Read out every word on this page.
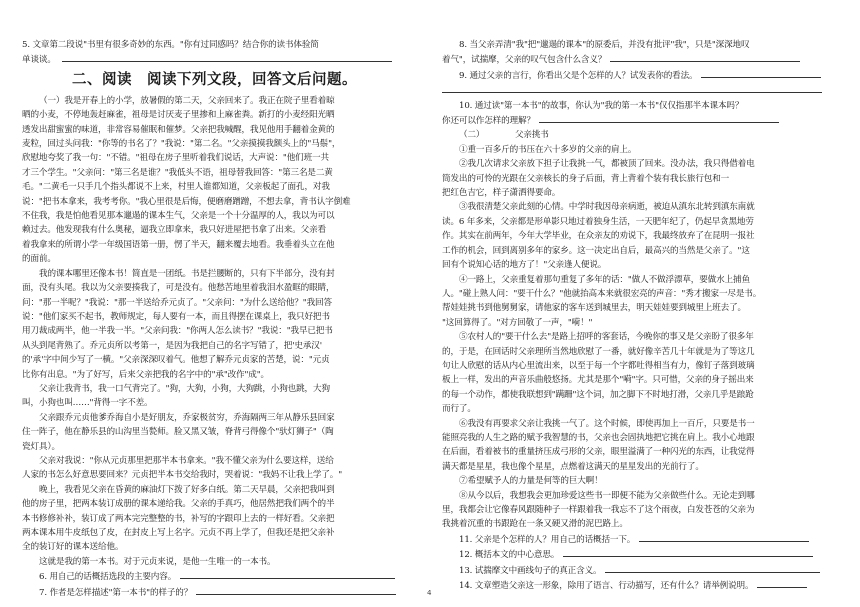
5. 文章第二段说"书里有很多奇妙的东西。"你有过同感吗？结合你的读书体验简
单谈谈。
二、阅读　阅读下列文段，回答文后问题。
（一）我是开春上的小学，放暑假的第二天，父亲回来了。我正在院子里看着晾
晒的小麦，不停地轰赶麻雀，祖母是讨厌麦子里掺和上麻雀粪。新打的小麦经阳光晒
透发出甜蜜蜜的味道，非常容易催眠和催梦。父亲把我喊醒，我见他用手翻着金黄的
麦粒，回过头问我："你等的书名了？"我说："第二名。"父亲摸摸我额头上的"马鬃"，
欣慰地夸奖了我一句："不错。"祖母在房子里听着我们说话，大声说："他们班一共
才三个学生。"父亲问："第三名是谁？"我低头不语，祖母替我回答："第三名是二黄
毛。"二黄毛一只手几个指头都说不上来，村里人谁都知道，父亲板起了面孔，对我
说："把书本拿来，我考考你。"我心里很是后悔，便磨磨蹭蹭，不想去拿，背书认字倒难
不住我，我是怕他看见那本邋遢的课本生气，父亲是一个十分温厚的人，我以为可以
赖过去。他发现我有什么奥秘，逼我立即拿来，我只好进屋把书拿了出来。父亲看
着我拿来的所谓小学一年级国语第一册，愣了半天，翻来覆去地看。我垂着头立在他
的面前。
我的课本哪里还像本书！简直是一团纸。书是拦腰断的，只有下半部分，没有封
面，没有头尾。我以为父亲要揍我了，可是没有。他愁苦地里着我泪水盈眶的眼睛，
问："那一半呢？"我说："那一半送给乔元贞了。"父亲问："为什么送给他？"我回答
说："他们家买不起书，教师规定，每人要有一本，而且得摆在课桌上，我只好把书
用刀裁成两半，他一半我一半。"父亲问我："你两人怎么读书？"我说："我早已把书
从头到尾背熟了。乔元贞所以考第一，是因为我把自己的名字写错了，把'史承汉'
的'承'字中间少写了一横。"父亲深深叹着气。他想了解乔元贞家的苦楚，说："元贞
比你有出息。"为了好写，后来父亲把我的名字中的"承"改作"成"。
父亲让我背书，我一口气背完了。"狗，大狗，小狗，大狗跳，小狗也跳，大狗
叫，小狗也叫……"背得一字不差。
父亲跟乔元贞他爹乔海自小是好朋友，乔家极贫穷，乔海隔两三年从静乐县回家
住一阵子，他在静乐县的山沟里当甃师。脸又黑又皱，脊背弓得像个"驮灯狮子"（陶
瓷灯具）。
父亲对我说："你从元贞那里把那半本书拿来。"我不懂父亲为什么要这样，送给
人家的书怎么好意思要回来？元贞把半本书交给我时，哭着说："我妈不让我上学了。"
晚上，我看见父亲在昏黄的麻油灯下拨了好多白纸。第二天早晨，父亲把我叫到
他的房子里，把两本装订成册的课本递给我。父亲的手真巧，他居然把我们两个的半
本书修修补补，装订成了两本完完整整的书，补写的字跟印上去的一样好看。父亲把
两本课本用牛皮纸包了皮，在封皮上写上名字。元贞不再上学了，但我还是把父亲补
全的装订好的课本送给他。
这就是我的第一本书。对于元贞来说，是他一生唯一的一本书。
6. 用自己的话概括选段的主要内容。
7. 作者是怎样描述"第一本书"的样子的？
8. 当父亲弄清"我"把"邋遢的课本"的原委后，并没有批评"我"，只是"深深地叹
着气"，试揣摩，父亲的叹气包含什么含义？
9. 通过父亲的言行，你看出父是个怎样的人？试发表你的看法。
10. 通过读"第一本书"的故事，你认为"我的第一本书"仅仅指那半本课本吗？
你还可以作怎样的理解？
（二）	父亲挑书
①重一百多斤的书压在六十多岁的父亲的肩上。
②我几次请求父亲放下担子让我挑一气，都被顶了回来。没办法，我只得借着电
筒发出的可怜的光跟在父亲核长的身子后面，背上背着个装有我长旅行包和一
把红色吉它，样子潇洒得要命。
③我很清楚父亲此刻的心情。中学时我因母亲病逝，被迫从滇东北转到滇东南就
读。6 年多来，父亲都是形单影只地过着独身生活，一天肥年纪了，仍起早贪黑地劳
作。其实在前两年，今年大学毕业，在众亲友的劝说下，我最终放弃了在昆明一报社
工作的机会，回到离别多年的家乡。这一决定出自后，最高兴的当然是父亲了。"这
回有个说知心话的地方了！"父亲逢人便说。
④一路上，父亲重复着那句重复了多年的话："做人不做浮漂草，要做水上捕鱼
人。"碰上熟人问："要干什么？"他就抬高本来就很宏亮的声音："秀才搬家一尽是书。
帮娃娃挑书到他舅舅家，请他家的客车送到城里去，明天娃娃要到城里上班去了。
"这回算得了。"对方回敬了一声，"嗬！"
⑤农村人的"要干什么去"是路上招呼的客套话，今晚你的事又是父亲盼了很多年
的，于是，在回话时父亲理所当然地欣慰了一番，就好像辛苦几十年就是为了等这几
句让人欣慰的话从内心里流出来，以至于每一个字都吐得相当有力，像钉子落到玻璃
板上一样，发出的声音乐曲般悠扬。尤其是那个"嗬"字。只可惜，父亲的身子摇出来
的每一个动作，都使我联想到"蹒跚"这个词，加之脚下不时地打滑，父亲几乎是踉跄
而行了。
⑥我没有再要求父亲让我挑一气了。这个时候，即使再加上一百斤，只要是书一
能照亮我的人生之路的赋予我智慧的书，父亲也会固执地把它挑在肩上。我小心地跟
在后面，看着被书的重量挤压成弓形的父亲，眼里溢满了一种闪光的东西，让我觉得
满天都是星星，我也像个星星，点燃着这满天的星星发出的光前行了。
⑦希望赋予人的力量是何等的巨大啊！
⑧从今以后，我想我会更加珍爱这些书一即便不能为父亲做些什么。无论走到哪
里，我都会让它像春风跟随种子一样跟着我一我忘不了这个雨夜，白发苍苍的父亲为
我挑着沉重的书跟跄在一条又硬又滑的泥巴路上。
11. 父亲是个怎样的人？用自己的话概括一下。
12. 概括本文的中心意思。
13. 试揣摩文中画线句子的真正含义。
14. 文章塑造父亲这一形象，除用了语言、行动描写，还有什么？请举例说明。
4
